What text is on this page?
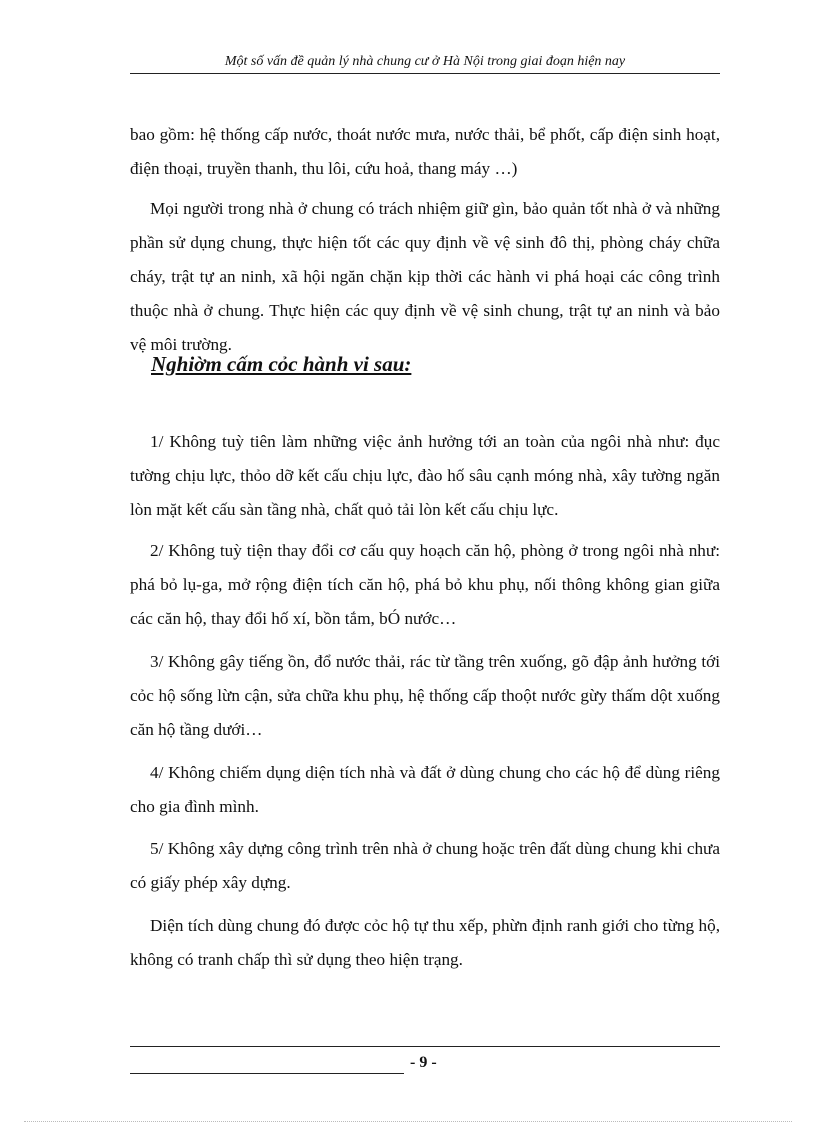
Một số vấn đề quản lý nhà chung cư ở Hà Nội trong giai đoạn hiện nay

bao gồm: hệ thống cấp nước, thoát nước mưa, nước thải, bể phốt, cấp điện sinh hoạt, điện thoại, truyền thanh, thu lôi, cứu hoả, thang máy …)

Mọi người trong nhà ở chung có trách nhiệm giữ gìn, bảo quản tốt nhà ở và những phần sử dụng chung, thực hiện tốt các quy định về vệ sinh đô thị, phòng cháy chữa cháy, trật tự an ninh, xã hội ngăn chặn kịp thời các hành vi phá hoại các công trình thuộc nhà ở chung. Thực hiện các quy định về vệ sinh chung, trật tự an ninh và bảo vệ môi trường.

Nghiờm cấm cỏc hành vi sau:

1/ Không tuỳ tiên làm những việc ảnh hưởng tới an toàn của ngôi nhà như: đục tường chịu lực, thỏo dỡ kết cấu chịu lực, đào hố sâu cạnh móng nhà, xây tường ngăn lòn mặt kết cấu sàn tầng nhà, chất quỏ tải lòn kết cấu chịu lực.

2/ Không tuỳ tiện thay đổi cơ cấu quy hoạch căn hộ, phòng ở trong ngôi nhà như: phá bỏ lụ-ga, mở rộng điện tích căn hộ, phá bỏ khu phụ, nối thông không gian giữa các căn hộ, thay đổi hố xí, bồn tắm, bÓ nước…

3/ Không gây tiếng ồn, đổ nước thải, rác từ tầng trên xuống, gõ đập ảnh hưởng tới cỏc hộ sống lừn cận, sửa chữa khu phụ, hệ thống cấp thoột nước gừy thấm dột xuống căn hộ tầng dưới…

4/ Không chiếm dụng diện tích nhà và đất ở dùng chung cho các hộ để dùng riêng cho gia đình mình.

5/ Không xây dựng công trình trên nhà ở chung hoặc trên đất dùng chung khi chưa có giấy phép xây dựng.

Diện tích dùng chung đó được cỏc hộ tự thu xếp, phừn định ranh giới cho từng hộ, không có tranh chấp thì sử dụng theo hiện trạng.

- 9 -
